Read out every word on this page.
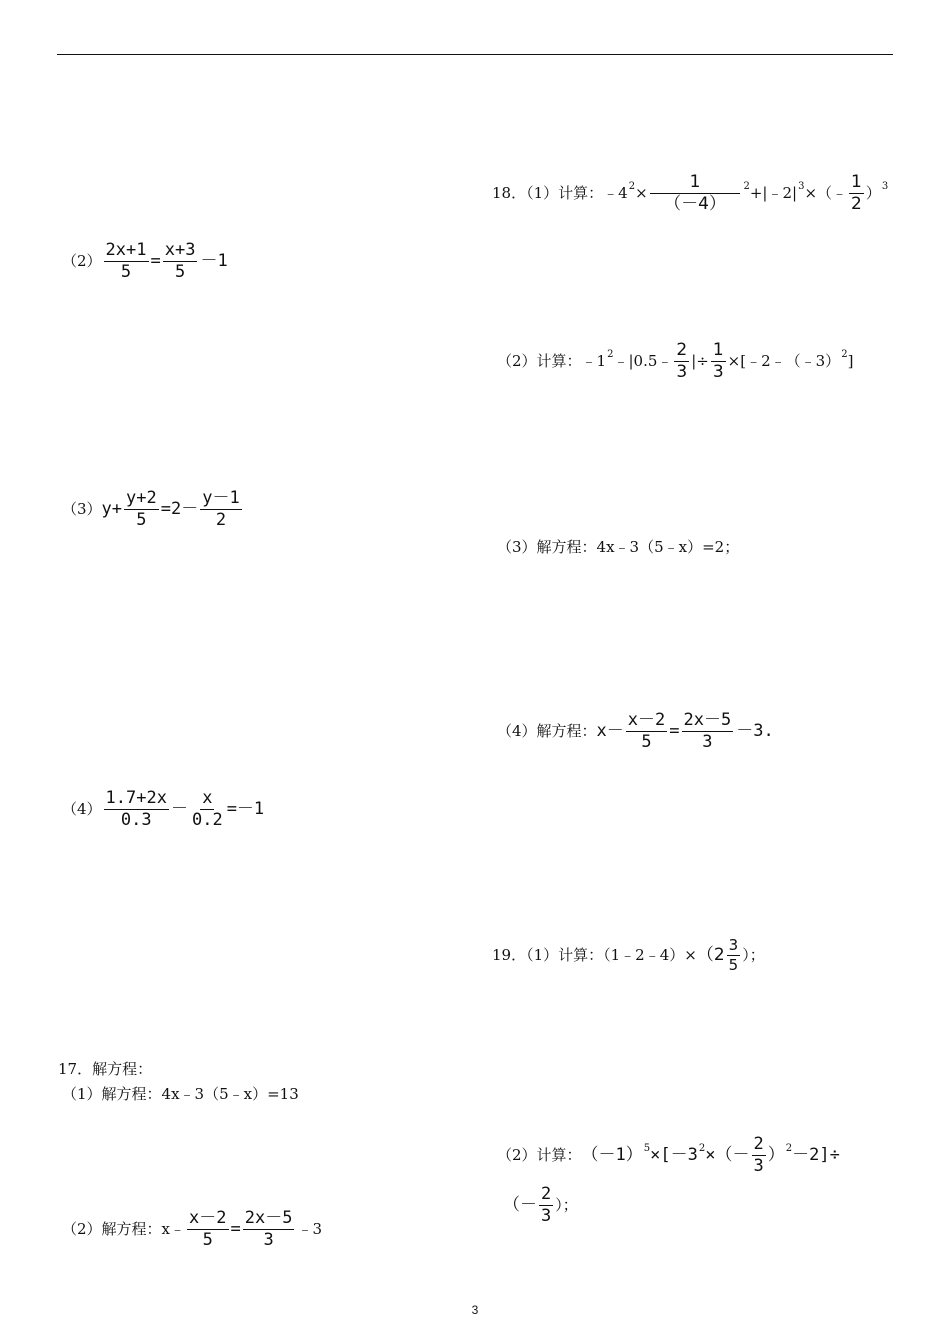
$(2) \frac{2x+1}{5} = \frac{x+3}{5} -1$
（3） $y+ \frac{y+2}{5} =2- \frac{y-1}{2}$
$(4) \frac{1.7+2x}{0.3} - \frac{x}{0.2} =-1$
17．解方程：
（1）解方程：4x﹣3（5﹣x）=13
（2）解方程：x﹣ $\frac{x-2}{5} = \frac{2x-5}{3}$ ﹣3
18．（1）计算：﹣4 $2 \times \frac{1}{(-4)} 2$ +|﹣2| 3 ×（﹣ $\frac{1}{2}$ ） 3
（2）计算：﹣1 2 ﹣|0.5﹣ $\frac{2}{3}$ |÷ $\frac{1}{3}$ ×[﹣2﹣（﹣3） 2 ]
（3）解方程：4x﹣3（5﹣x）=2；
（4）解方程： $x- \frac{x-2}{5} = \frac{2x-5}{3} -3$.
19．（1）计算：（1﹣2﹣4）× （$2 \frac{3}{5}$ ）；
（2）计算： （－1） 5 ×[－3 2 ×（－ $\frac{2}{3}$ ） 2 －2]÷
（－ $\frac{2}{3}$ ）；
3
